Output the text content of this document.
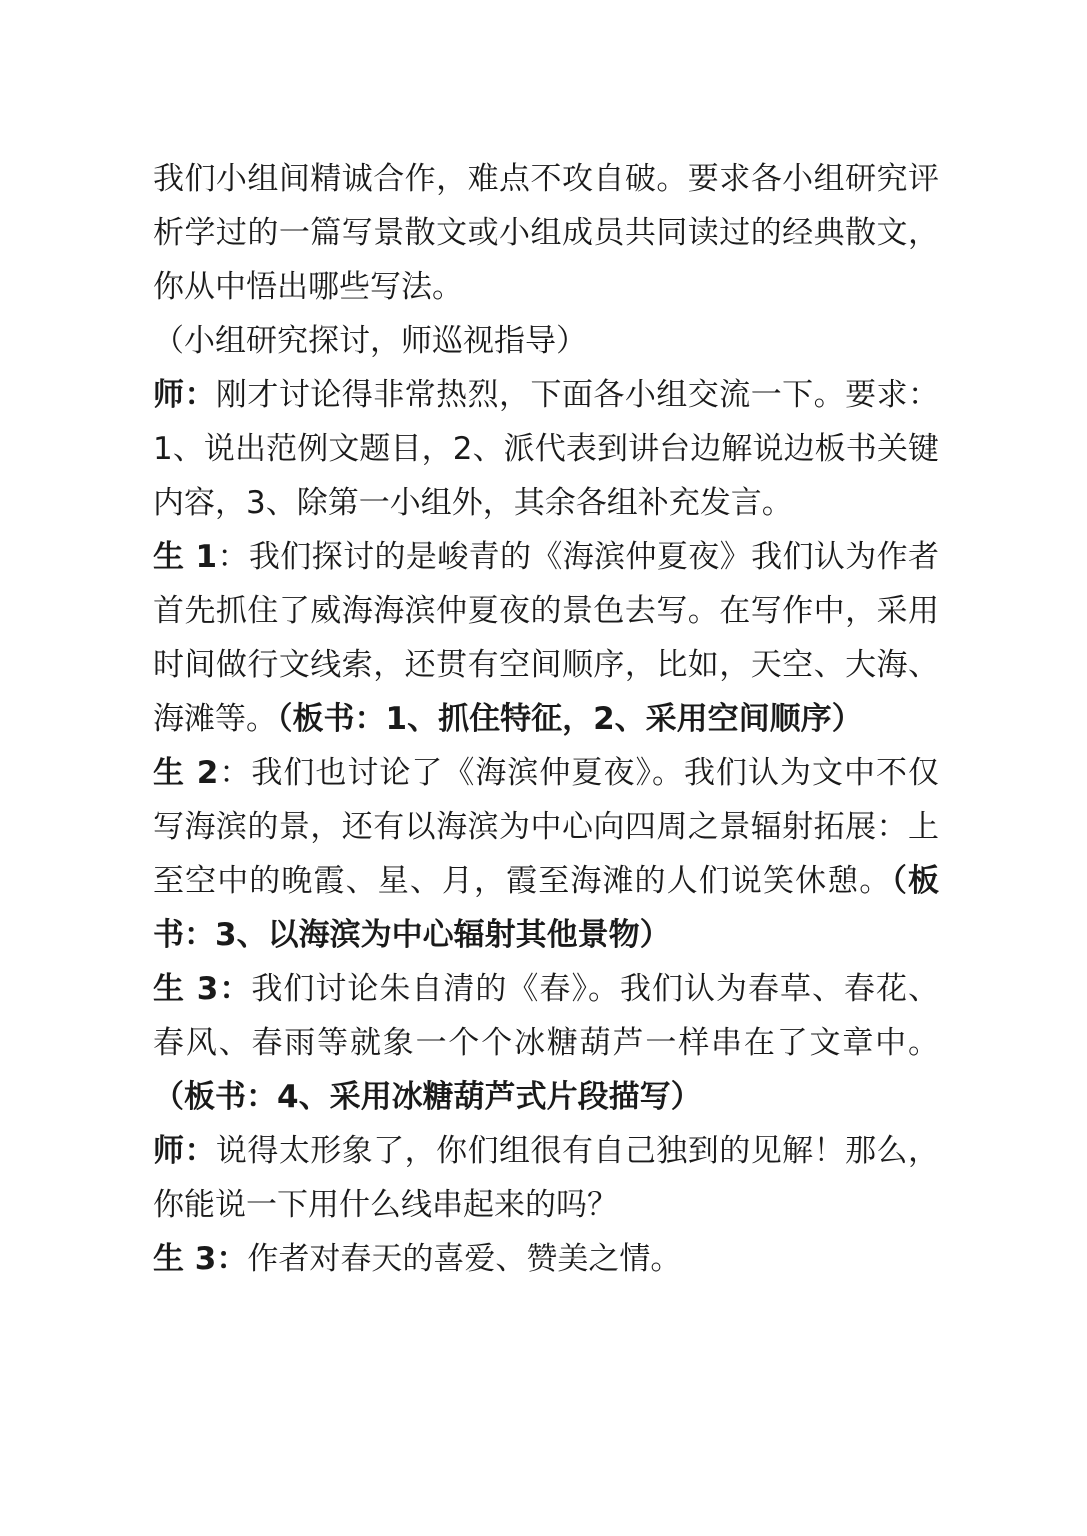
我们小组间精诚合作，难点不攻自破。要求各小组研究评析学过的一篇写景散文或小组成员共同读过的经典散文，你从中悟出哪些写法。

（小组研究探讨，师巡视指导）

师：刚才讨论得非常热烈，下面各小组交流一下。要求：1、说出范例文题目，2、派代表到讲台边解说边板书关键内容，3、除第一小组外，其余各组补充发言。

生 1：我们探讨的是峻青的《海滨仲夏夜》我们认为作者首先抓住了威海海滨仲夏夜的景色去写。在写作中，采用时间做行文线索，还贯有空间顺序，比如，天空、大海、海滩等。（板书：1、抓住特征，2、采用空间顺序）

生 2：我们也讨论了《海滨仲夏夜》。我们认为文中不仅写海滨的景，还有以海滨为中心向四周之景辐射拓展：上至空中的晚霞、星、月，霞至海滩的人们说笑休憩。（板书：3、以海滨为中心辐射其他景物）

生 3：我们讨论朱自清的《春》。我们认为春草、春花、春风、春雨等就象一个个冰糖葫芦一样串在了文章中。（板书：4、采用冰糖葫芦式片段描写）

师：说得太形象了，你们组很有自己独到的见解！那么，你能说一下用什么线串起来的吗？

生 3：作者对春天的喜爱、赞美之情。
